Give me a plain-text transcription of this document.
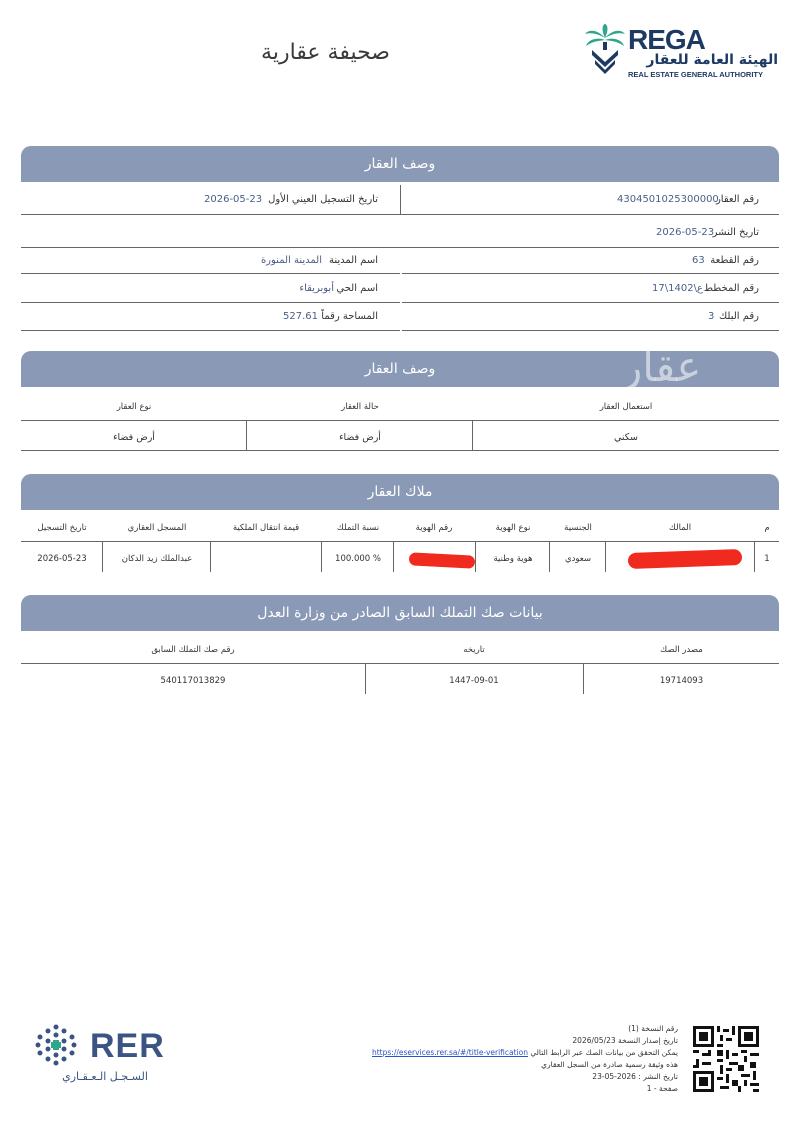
صحيفة عقارية	REGA
الهيئة العامة للعقار
REAL ESTATE GENERAL AUTHORITY
وصف العقار
رقم العقار
4304501025300000
تاريخ التسجيل العيني الأول
2026-05-23
تاريخ النشر
2026-05-23
رقم القطعة
63
اسم المدينة
المدينة المنورة
رقم المخطط
ع\1402\17
اسم الحي
أبوبريقاء
رقم البلك
3
المساحة رقماً
527.61
وصف العقار	عقار
استعمال العقار
حالة العقار
نوع العقار
سكني
أرض فضاء
أرض فضاء
ملاك العقار
م
المالك
الجنسية
نوع الهوية
رقم الهوية
نسبة التملك
قيمة انتقال الملكية
المسجل العقاري
تاريخ التسجيل
1
سعودي
هوية وطنية
% 100.000
عبدالملك زيد الدكان
2026-05-23
بيانات صك التملك السابق الصادر من وزارة العدل
مصدر الصك
تاريخه
رقم صك التملك السابق
19714093
1447-09-01
540117013829
RER
السـجـل الـعـقـاري
رقم النسخة (1)
تاريخ إصدار النسخة 2026/05/23
يمكن التحقق من بيانات الصك عبر الرابط التالي https://eservices.rer.sa/#/title-verification
هذه وثيقة رسمية صادرة من السجل العقاري
تاريخ النشر : 2026-05-23
صفحة - 1
